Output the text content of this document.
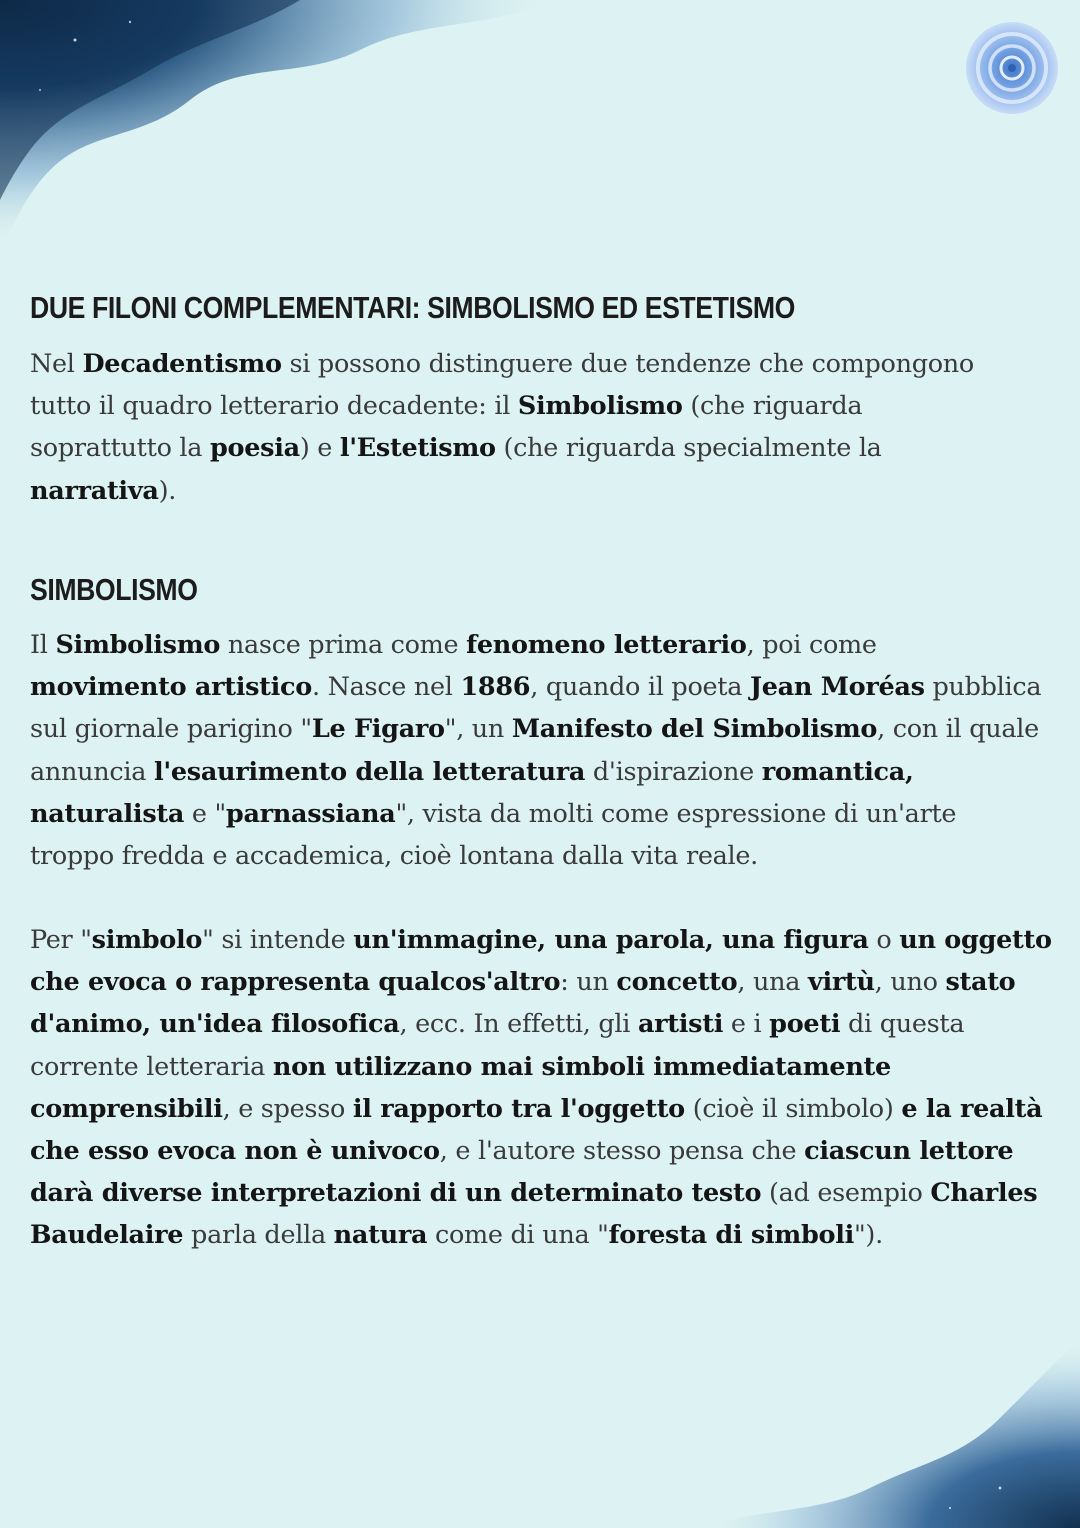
DUE FILONI COMPLEMENTARI: SIMBOLISMO ED ESTETISMO
Nel Decadentismo si possono distinguere due tendenze che compongono
tutto il quadro letterario decadente: il Simbolismo (che riguarda
soprattutto la poesia) e l'Estetismo (che riguarda specialmente la
narrativa).
SIMBOLISMO
Il Simbolismo nasce prima come fenomeno letterario, poi come
movimento artistico. Nasce nel 1886, quando il poeta Jean Moréas pubblica
sul giornale parigino "Le Figaro", un Manifesto del Simbolismo, con il quale
annuncia l'esaurimento della letteratura d'ispirazione romantica,
naturalista e "parnassiana", vista da molti come espressione di un'arte
troppo fredda e accademica, cioè lontana dalla vita reale.
Per "simbolo" si intende un'immagine, una parola, una figura o un oggetto
che evoca o rappresenta qualcos'altro: un concetto, una virtù, uno stato
d'animo, un'idea filosofica, ecc. In effetti, gli artisti e i poeti di questa
corrente letteraria non utilizzano mai simboli immediatamente
comprensibili, e spesso il rapporto tra l'oggetto (cioè il simbolo) e la realtà
che esso evoca non è univoco, e l'autore stesso pensa che ciascun lettore
darà diverse interpretazioni di un determinato testo (ad esempio Charles
Baudelaire parla della natura come di una "foresta di simboli").
